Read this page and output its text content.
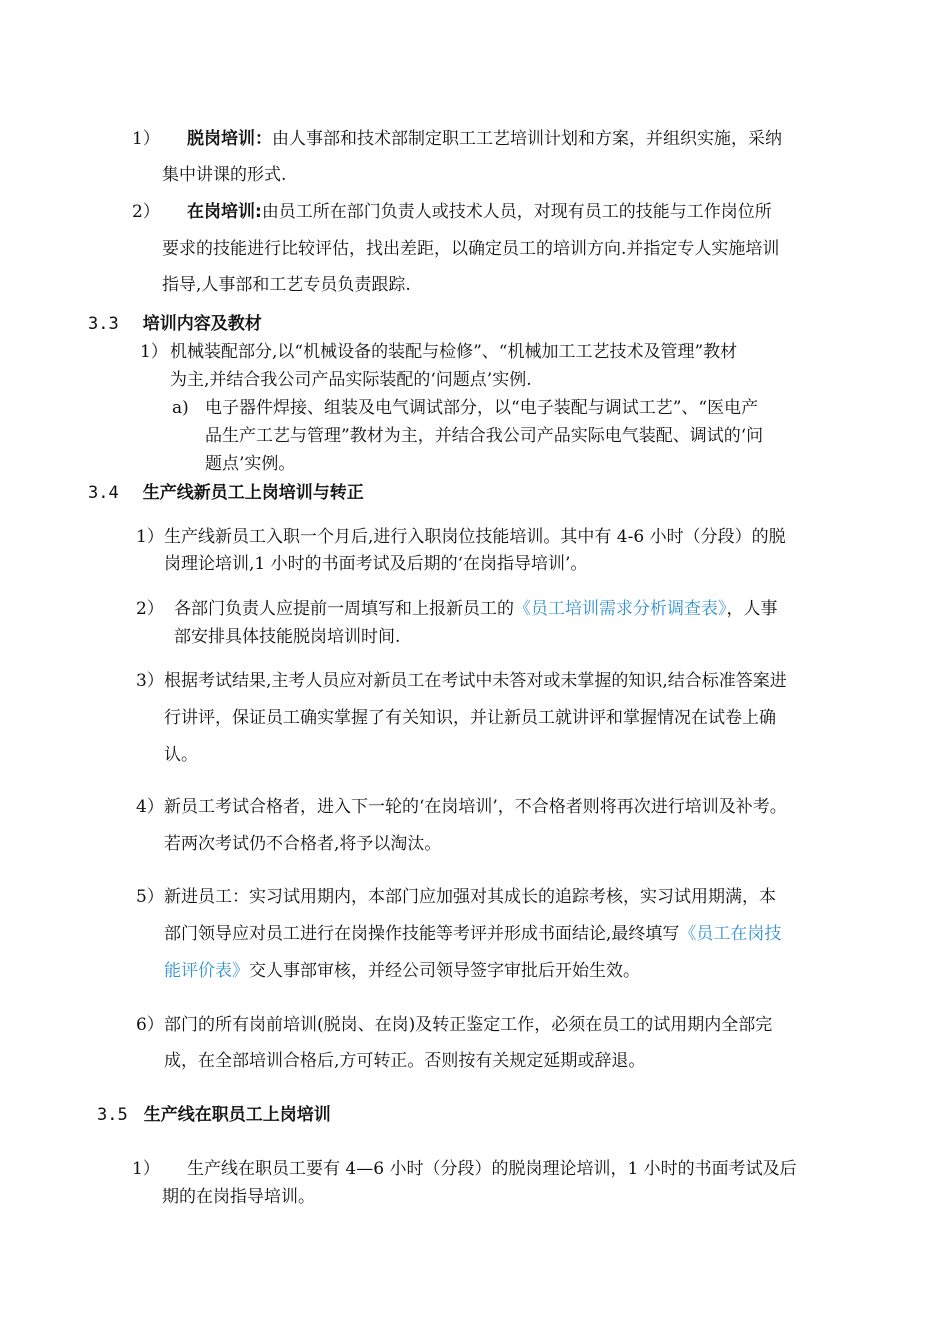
1） 脱岗培训：由人事部和技术部制定职工工艺培训计划和方案，并组织实施，采纳
集中讲课的形式.
2） 在岗培训:由员工所在部门负责人或技术人员，对现有员工的技能与工作岗位所
要求的技能进行比较评估，找出差距，以确定员工的培训方向.并指定专人实施培训
指导,人事部和工艺专员负责跟踪.
3.3 培训内容及教材
1） 机械装配部分,以“机械设备的装配与检修”、“机械加工工艺技术及管理”教材
为主,并结合我公司产品实际装配的‘问题点’实例.
a) 电子器件焊接、组装及电气调试部分，以“电子装配与调试工艺”、“医电产
品生产工艺与管理”教材为主，并结合我公司产品实际电气装配、调试的‘问
题点’实例。
3.4 生产线新员工上岗培训与转正
1） 生产线新员工入职一个月后,进行入职岗位技能培训。其中有 4-6 小时（分段）的脱
岗理论培训,1 小时的书面考试及后期的‘在岗指导培训’。
2） 各部门负责人应提前一周填写和上报新员工的《员工培训需求分析调查表》，人事
部安排具体技能脱岗培训时间.
3） 根据考试结果,主考人员应对新员工在考试中未答对或未掌握的知识,结合标准答案进
行讲评，保证员工确实掌握了有关知识，并让新员工就讲评和掌握情况在试卷上确
认。
4） 新员工考试合格者，进入下一轮的‘在岗培训’，不合格者则将再次进行培训及补考。
若两次考试仍不合格者,将予以淘汰。
5） 新进员工：实习试用期内，本部门应加强对其成长的追踪考核，实习试用期满，本
部门领导应对员工进行在岗操作技能等考评并形成书面结论,最终填写《员工在岗技
能评价表》交人事部审核，并经公司领导签字审批后开始生效。
6） 部门的所有岗前培训(脱岗、在岗)及转正鉴定工作，必须在员工的试用期内全部完
成，在全部培训合格后,方可转正。否则按有关规定延期或辞退。
3.5 生产线在职员工上岗培训
1） 生产线在职员工要有 4—6 小时（分段）的脱岗理论培训，1 小时的书面考试及后
期的在岗指导培训。
